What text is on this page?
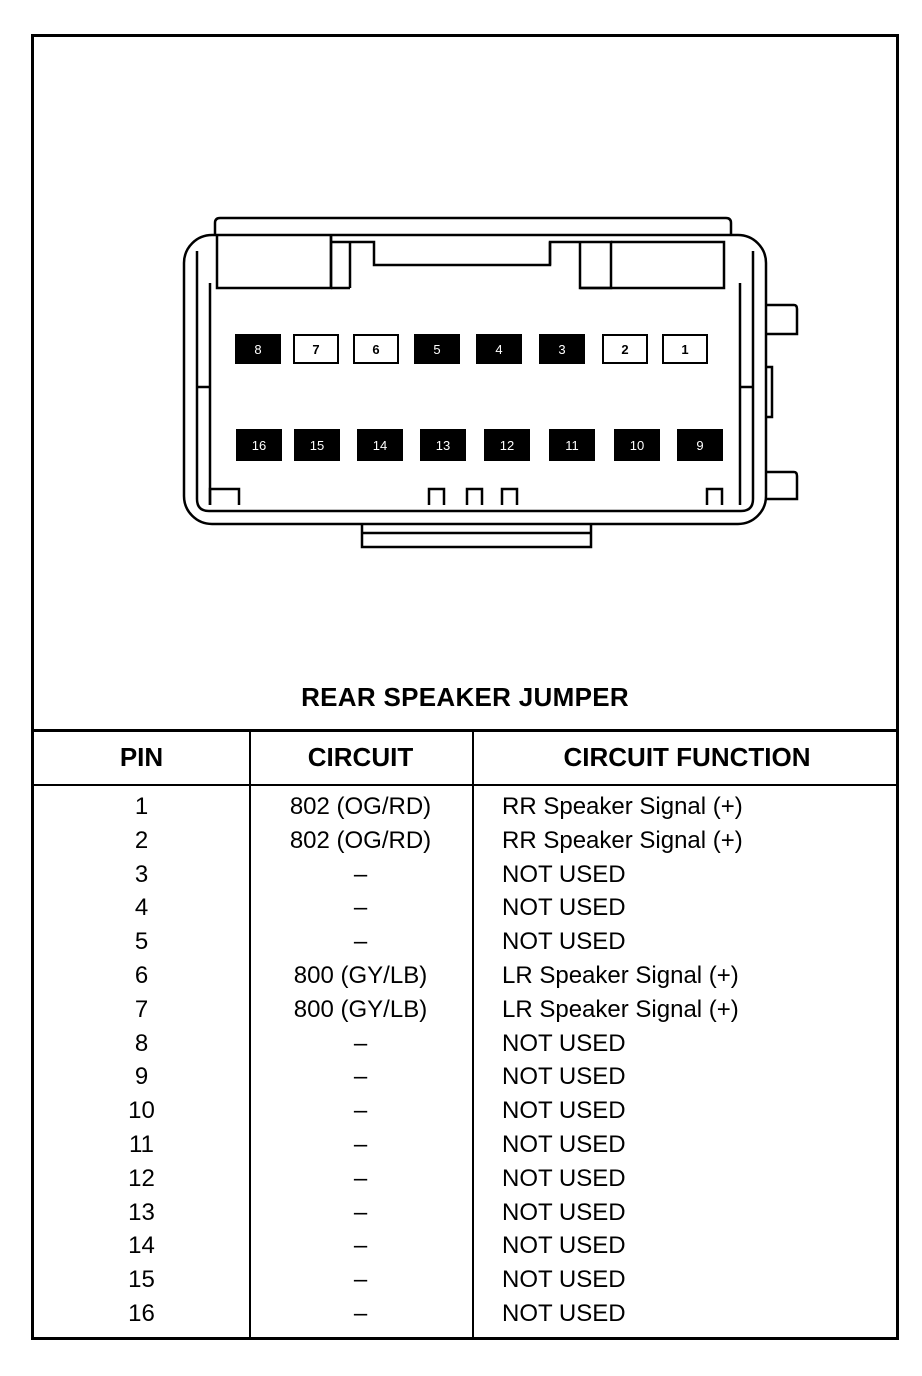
8	7	6	5	4	3	2	1
16	15	14	13	12	11	10	9
REAR SPEAKER JUMPER
PIN	CIRCUIT	CIRCUIT FUNCTION
1	802 (OG/RD)	RR Speaker Signal (+)
2	802 (OG/RD)	RR Speaker Signal (+)
3	–	NOT USED
4	–	NOT USED
5	–	NOT USED
6	800 (GY/LB)	LR Speaker Signal (+)
7	800 (GY/LB)	LR Speaker Signal (+)
8	–	NOT USED
9	–	NOT USED
10	–	NOT USED
11	–	NOT USED
12	–	NOT USED
13	–	NOT USED
14	–	NOT USED
15	–	NOT USED
16	–	NOT USED
